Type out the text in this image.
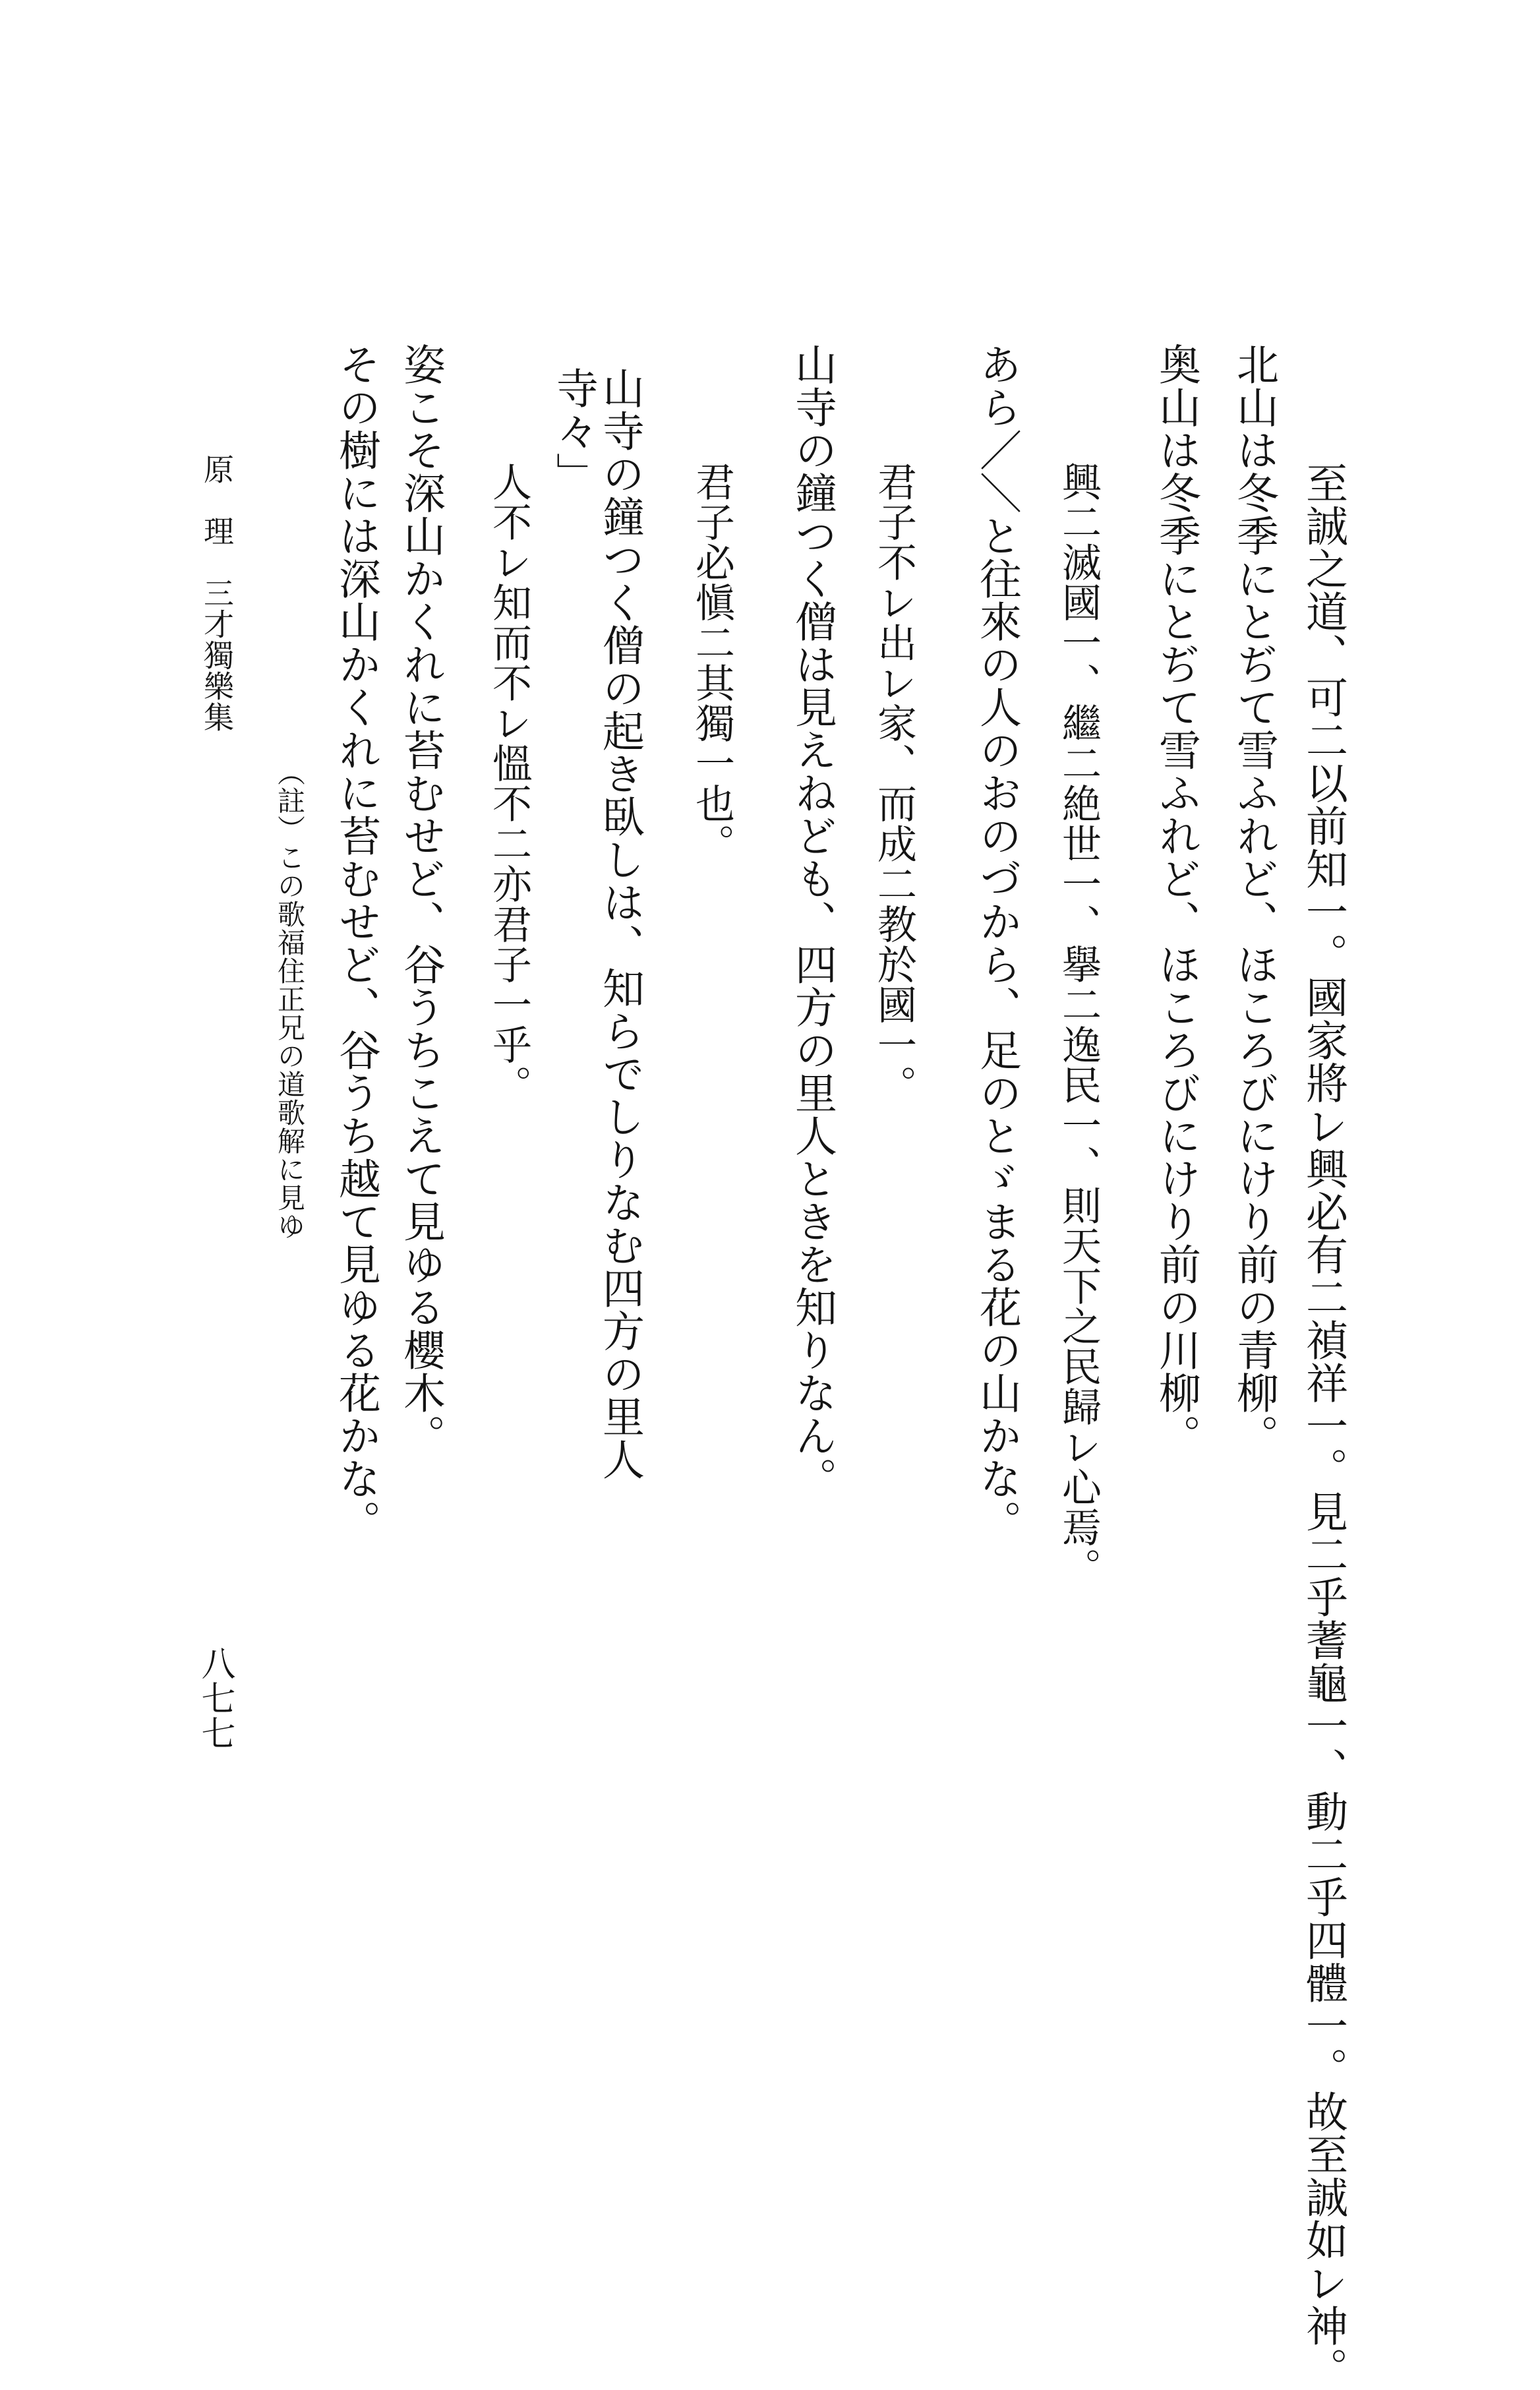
至誠之道、可二以前知一。國家將レ興必有二禎祥一。見二乎蓍龜一、動二乎四體一。故至誠如レ神。
北山は冬季にとぢて雪ふれど、ほころびにけり前の青柳。
奥山は冬季にとぢて雪ふれど、ほころびにけり前の川柳。
興二滅國一、繼二絶世一、擧二逸民一、則天下之民歸レ心焉。
あら／＼と往來の人のおのづから、足のとゞまる花の山かな。
君子不レ出レ家、而成二教於國一。
山寺の鐘つく僧は見えねども、四方の里人ときを知りなん。
君子必愼二其獨一也。
山寺の鐘つく僧の起き臥しは、知らでしりなむ四方の里人
寺々」
人不レ知而不レ慍不二亦君子一乎。
姿こそ深山かくれに苔むせど、谷うちこえて見ゆる櫻木。
（註）この歌福住正兄の道歌解に見ゆ その樹には深山かくれに苔むせど、谷うち越て見ゆる花かな。
原　理　三才獨樂集
八七七
